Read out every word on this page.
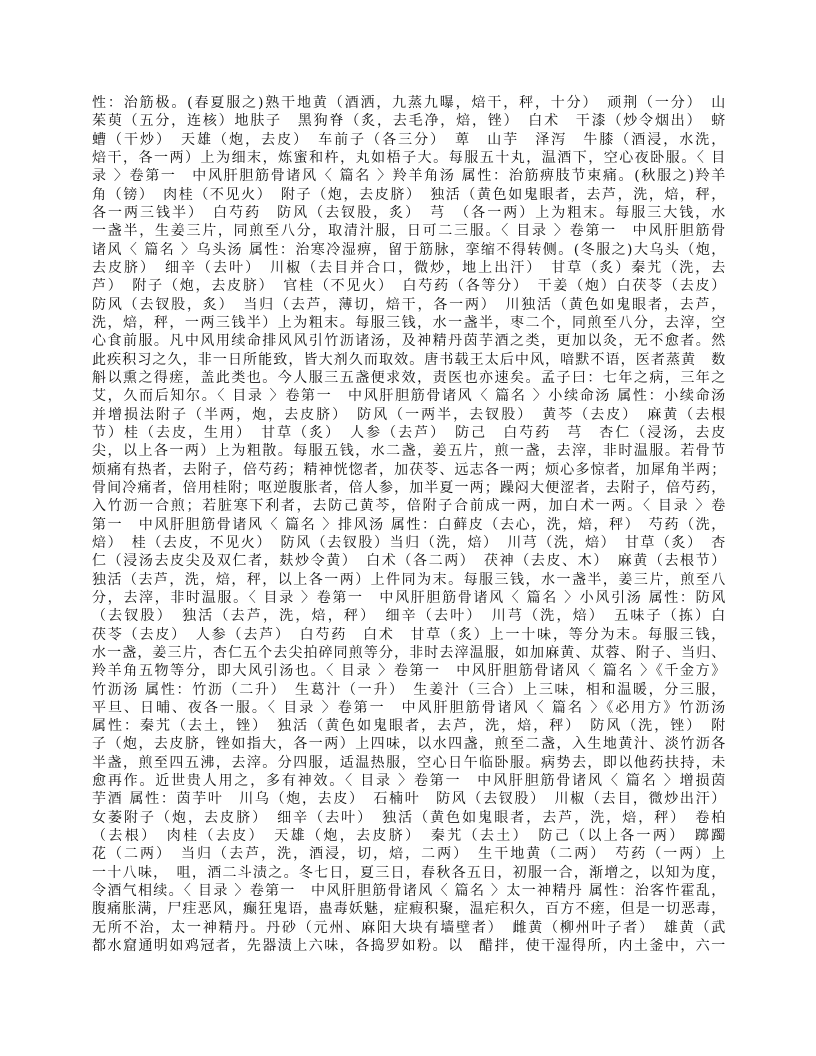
性：治筋极。(春夏服之)熟干地黄（酒洒，九蒸九曝，焙干，秤，十分）　顽荆（一分）　山
茱萸（五分，连核）地肤子　黑狗脊（炙，去毛净，焙，锉）　白术　干漆（炒令烟出）　蛴
螬（干炒）　天雄（炮，去皮）　车前子（各三分）　萆　山芋　泽泻　牛膝（酒浸，水洗，
焙干，各一两）上为细末，炼蜜和杵，丸如梧子大。每服五十丸，温酒下，空心夜卧服。〈 目
录 〉卷第一　中风肝胆筋骨诸风〈 篇名 〉羚羊角汤 属性：治筋痹肢节束痛。(秋服之)羚羊
角（镑）　肉桂（不见火）　附子（炮，去皮脐）　独活（黄色如鬼眼者，去芦，洗，焙，秤，
各一两三钱半）　白芍药　防风（去钗股，炙）　芎　（各一两）上为粗末。每服三大钱，水
一盏半，生姜三片，同煎至八分，取清汁服，日可二三服。〈 目录 〉卷第一　中风肝胆筋骨
诸风〈 篇名 〉乌头汤 属性：治寒冷湿痹，留于筋脉，挛缩不得转侧。(冬服之)大乌头（炮，
去皮脐）　细辛（去叶）　川椒（去目并合口，微炒，地上出汗）　甘草（炙）秦艽（洗，去
芦）　附子（炮，去皮脐）　官桂（不见火）　白芍药（各等分）　干姜（炮）白茯苓（去皮）
防风（去钗股，炙）　当归（去芦，薄切，焙干，各一两）　川独活（黄色如鬼眼者，去芦，
洗，焙，秤，一两三钱半）上为粗末。每服三钱，水一盏半，枣二个，同煎至八分，去滓，空
心食前服。凡中风用续命排风风引竹沥诸汤，及神精丹茵芋酒之类，更加以灸，无不愈者。然
此疾积习之久，非一日所能致，皆大剂久而取效。唐书载王太后中风，喑默不语，医者蒸黄　数
斛以熏之得瘥，盖此类也。今人服三五盏便求效，责医也亦速矣。孟子曰：七年之病，三年之
艾，久而后知尔。〈 目录 〉卷第一　中风肝胆筋骨诸风〈 篇名 〉小续命汤 属性：小续命汤
并增损法附子（半两，炮，去皮脐）　防风（一两半，去钗股）　黄芩（去皮）　麻黄（去根
节）桂（去皮，生用）　甘草（炙）　人参（去芦）　防己　白芍药　芎　杏仁（浸汤，去皮
尖，以上各一两）上为粗散。每服五钱，水二盏，姜五片，煎一盏，去滓，非时温服。若骨节
烦痛有热者，去附子，倍芍药；精神恍惚者，加茯苓、远志各一两；烦心多惊者，加犀角半两；
骨间冷痛者，倍用桂附；呕逆腹胀者，倍人参，加半夏一两；躁闷大便涩者，去附子，倍芍药，
入竹沥一合煎；若脏寒下利者，去防己黄芩，倍附子合前成一两，加白术一两。〈 目录 〉卷
第一　中风肝胆筋骨诸风〈 篇名 〉排风汤 属性：白藓皮（去心，洗，焙，秤）　芍药（洗，
焙）　桂（去皮，不见火）　防风（去钗股）当归（洗，焙）　川芎（洗，焙）　甘草（炙）　杏
仁（浸汤去皮尖及双仁者，麸炒令黄）　白术（各二两）　茯神（去皮、木）　麻黄（去根节）
独活（去芦，洗，焙，秤，以上各一两）上件同为末。每服三钱，水一盏半，姜三片，煎至八
分，去滓，非时温服。〈 目录 〉卷第一　中风肝胆筋骨诸风〈 篇名 〉小风引汤 属性：防风
（去钗股）　独活（去芦，洗，焙，秤）　细辛（去叶）　川芎（洗，焙）　五味子（拣）白
茯苓（去皮）　人参（去芦）　白芍药　白术　甘草（炙）上一十味，等分为末。每服三钱，
水一盏，姜三片，杏仁五个去尖拍碎同煎等分，非时去滓温服，如加麻黄、苁蓉、附子、当归、
羚羊角五物等分，即大风引汤也。〈 目录 〉卷第一　中风肝胆筋骨诸风〈 篇名 〉《千金方》
竹沥汤 属性：竹沥（二升）　生葛汁（一升）　生姜汁（三合）上三味，相和温暖，分三服，
平旦、日晡、夜各一服。〈 目录 〉卷第一　中风肝胆筋骨诸风〈 篇名 〉《必用方》竹沥汤
属性：秦艽（去土，锉）　独活（黄色如鬼眼者，去芦，洗，焙，秤）　防风（洗，锉）　附
子（炮，去皮脐，锉如指大，各一两）上四味，以水四盏，煎至二盏，入生地黄汁、淡竹沥各
半盏，煎至四五沸，去滓。分四服，适温热服，空心日午临卧服。病势去，即以他药扶持，未
愈再作。近世贵人用之，多有神效。〈 目录 〉卷第一　中风肝胆筋骨诸风〈 篇名 〉增损茵
芋酒 属性：茵芋叶　川乌（炮，去皮）　石楠叶　防风（去钗股）　川椒（去目，微炒出汗）
女萎附子（炮，去皮脐）　细辛（去叶）　独活（黄色如鬼眼者，去芦，洗，焙，秤）　卷柏
（去根）　肉桂（去皮）　天雄（炮，去皮脐）　秦艽（去土）　防己（以上各一两）　踯躅
花（二两）　当归（去芦，洗，酒浸，切，焙，二两）　生干地黄（二两）　芍药（一两）上
一十八味，　咀，酒二斗渍之。冬七日，夏三日，春秋各五日，初服一合，渐增之，以知为度，
令酒气相续。〈 目录 〉卷第一　中风肝胆筋骨诸风〈 篇名 〉太一神精丹 属性：治客忤霍乱，
腹痛胀满，尸疰恶风，癫狂鬼语，蛊毒妖魅，症瘕积聚，温疟积久，百方不瘥，但是一切恶毒，
无所不治，太一神精丹。丹砂（元州、麻阳大块有墙壁者）　雌黄（柳州叶子者）　雄黄（武
都水窟通明如鸡冠者，先器渍上六味，各捣罗如粉。以　醋拌，使干湿得所，内土釜中，六一
